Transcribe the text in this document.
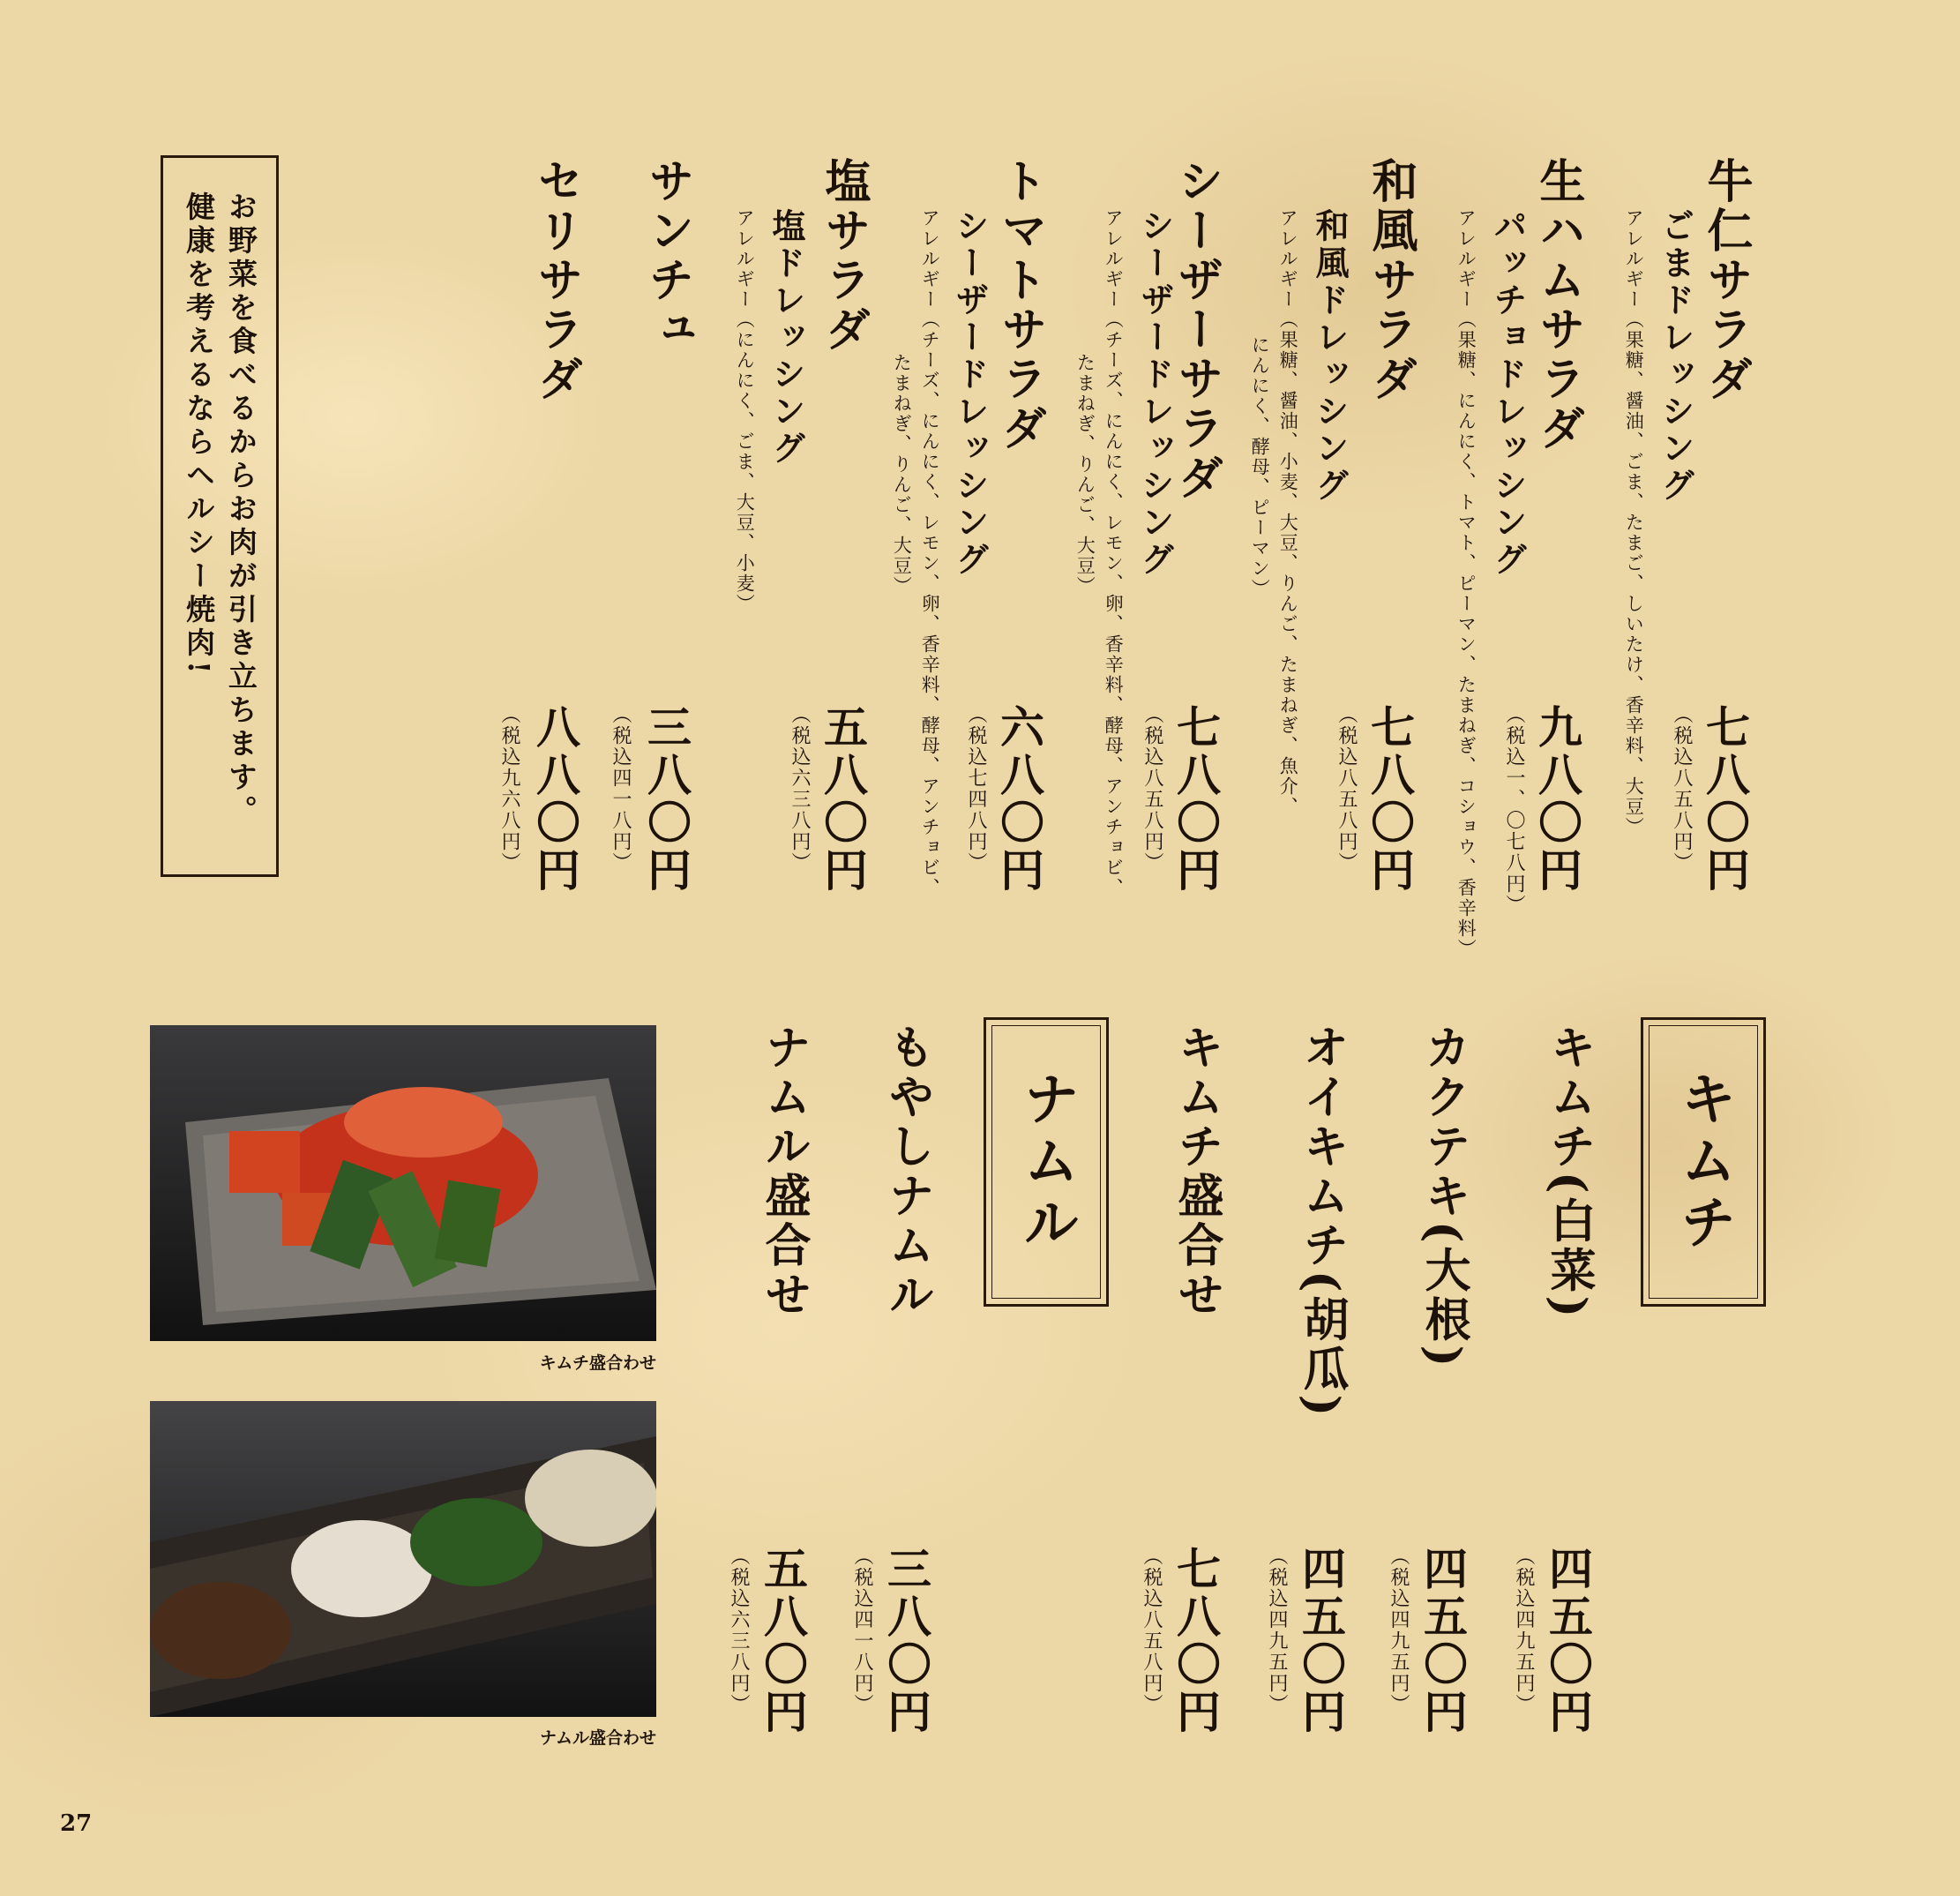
牛仁サラダ
ごまドレッシング
アレルギー（果糖、醤油、ごま、たまご、しいたけ、香辛料、大豆） 七八〇円
（税込八五八円）
生ハムサラダ
パッチョドレッシング
アレルギー（果糖、にんにく、トマト、ピーマン、たまねぎ、コショウ、香辛料） 九八〇円
（税込一、〇七八円）
和風サラダ
和風ドレッシング
アレルギー（果糖、醤油、小麦、大豆、りんご、たまねぎ、魚介、
にんにく、酵母、ピーマン）
七八〇円
（税込八五八円）
シーザーサラダ
シーザードレッシング
アレルギー（チーズ、にんにく、レモン、卵、香辛料、酵母、アンチョビ、
たまねぎ、りんご、大豆）
七八〇円
（税込八五八円）
トマトサラダ
シーザードレッシング
アレルギー（チーズ、にんにく、レモン、卵、香辛料、酵母、アンチョビ、
たまねぎ、りんご、大豆）
六八〇円
（税込七四八円）
塩サラダ
塩ドレッシング
アレルギー（にんにく、ごま、大豆、小麦）
五八〇円
（税込六三八円）
サンチュ
三八〇円
（税込四一八円）
セリサラダ
八八〇円
（税込九六八円）
お野菜を食べるからお肉が引き立ちます。
健康を考えるならヘルシー焼肉!
キムチ
キムチ(白菜)
四五〇円
（税込四九五円）
カクテキ(大根)
四五〇円
（税込四九五円）
オイキムチ(胡瓜)
四五〇円
（税込四九五円）
キムチ盛合せ
七八〇円
（税込八五八円）
ナムル
もやしナムル
三八〇円
（税込四一八円）
ナムル盛合せ
五八〇円
（税込六三八円）
キムチ盛合わせ
ナムル盛合わせ
27
